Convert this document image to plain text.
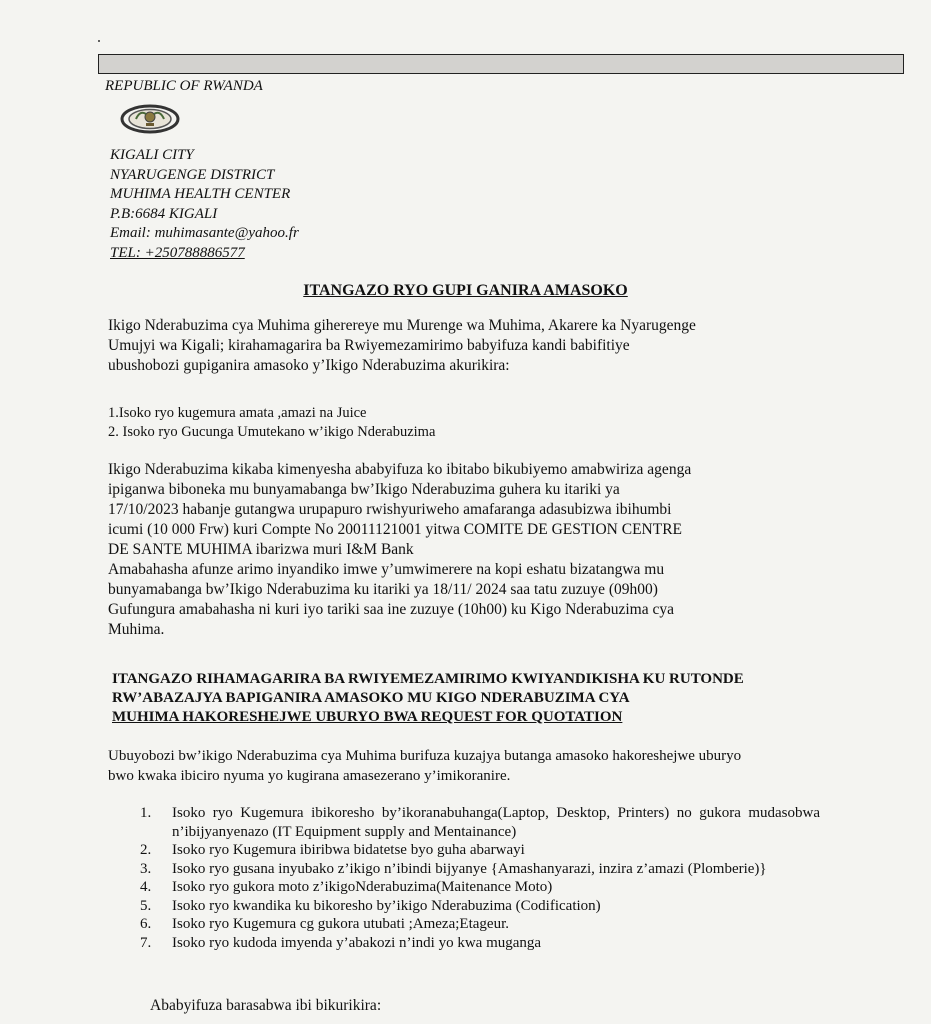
REPUBLIC OF RWANDA
KIGALI CITY
NYARUGENGE DISTRICT
MUHIMA HEALTH CENTER
P.B:6684 KIGALI
Email: muhimasante@yahoo.fr
TEL: +250788886577
ITANGAZO RYO GUPI GANIRA AMASOKO
Ikigo Nderabuzima cya Muhima giherereye mu Murenge wa Muhima, Akarere ka Nyarugenge
Umujyi wa Kigali; kirahamagarira ba Rwiyemezamirimo babyifuza kandi babifitiye
ubushobozi gupiganira amasoko y’Ikigo Nderabuzima akurikira:
1.Isoko ryo kugemura amata ,amazi na Juice
2. Isoko ryo Gucunga Umutekano w’ikigo Nderabuzima
Ikigo Nderabuzima kikaba kimenyesha ababyifuza ko ibitabo bikubiyemo amabwiriza agenga
ipiganwa biboneka mu bunyamabanga bw’Ikigo Nderabuzima guhera ku itariki ya
17/10/2023 habanje gutangwa urupapuro rwishyuriweho amafaranga adasubizwa ibihumbi
icumi (10 000 Frw) kuri Compte No 20011121001 yitwa COMITE DE GESTION CENTRE
DE SANTE MUHIMA ibarizwa muri I&M Bank
Amabahasha afunze arimo inyandiko imwe y’umwimerere na kopi eshatu bizatangwa mu
bunyamabanga bw’Ikigo Nderabuzima ku itariki ya 18/11/ 2024 saa tatu zuzuye (09h00)
Gufungura amabahasha ni kuri iyo tariki saa ine zuzuye (10h00) ku Kigo Nderabuzima cya
Muhima.
ITANGAZO RIHAMAGARIRA BA RWIYEMEZAMIRIMO KWIYANDIKISHA KU RUTONDE
RW’ABAZAJYA BAPIGANIRA AMASOKO MU KIGO NDERABUZIMA CYA
MUHIMA HAKORESHEJWE UBURYO BWA REQUEST FOR QUOTATION
Ubuyobozi bw’ikigo Nderabuzima cya Muhima burifuza kuzajya butanga amasoko hakoreshejwe uburyo
bwo kwaka ibiciro nyuma yo kugirana amasezerano y’imikoranire.
1.	Isoko ryo Kugemura ibikoresho by’ikoranabuhanga(Laptop, Desktop, Printers) no gukora mudasobwa n’ibijyanyenazo (IT Equipment supply and Mentainance)
2.	Isoko ryo Kugemura ibiribwa bidatetse byo guha abarwayi
3.	Isoko ryo gusana inyubako z’ikigo n’ibindi bijyanye {Amashanyarazi, inzira z’amazi (Plomberie)}
4.	Isoko ryo gukora moto z’ikigoNderabuzima(Maitenance Moto)
5.	Isoko ryo kwandika ku bikoresho by’ikigo Nderabuzima (Codification)
6.	Isoko ryo Kugemura cg gukora utubati ;Ameza;Etageur.
7.	Isoko ryo kudoda imyenda y’abakozi n’indi yo kwa muganga
Ababyifuza barasabwa ibi bikurikira:
